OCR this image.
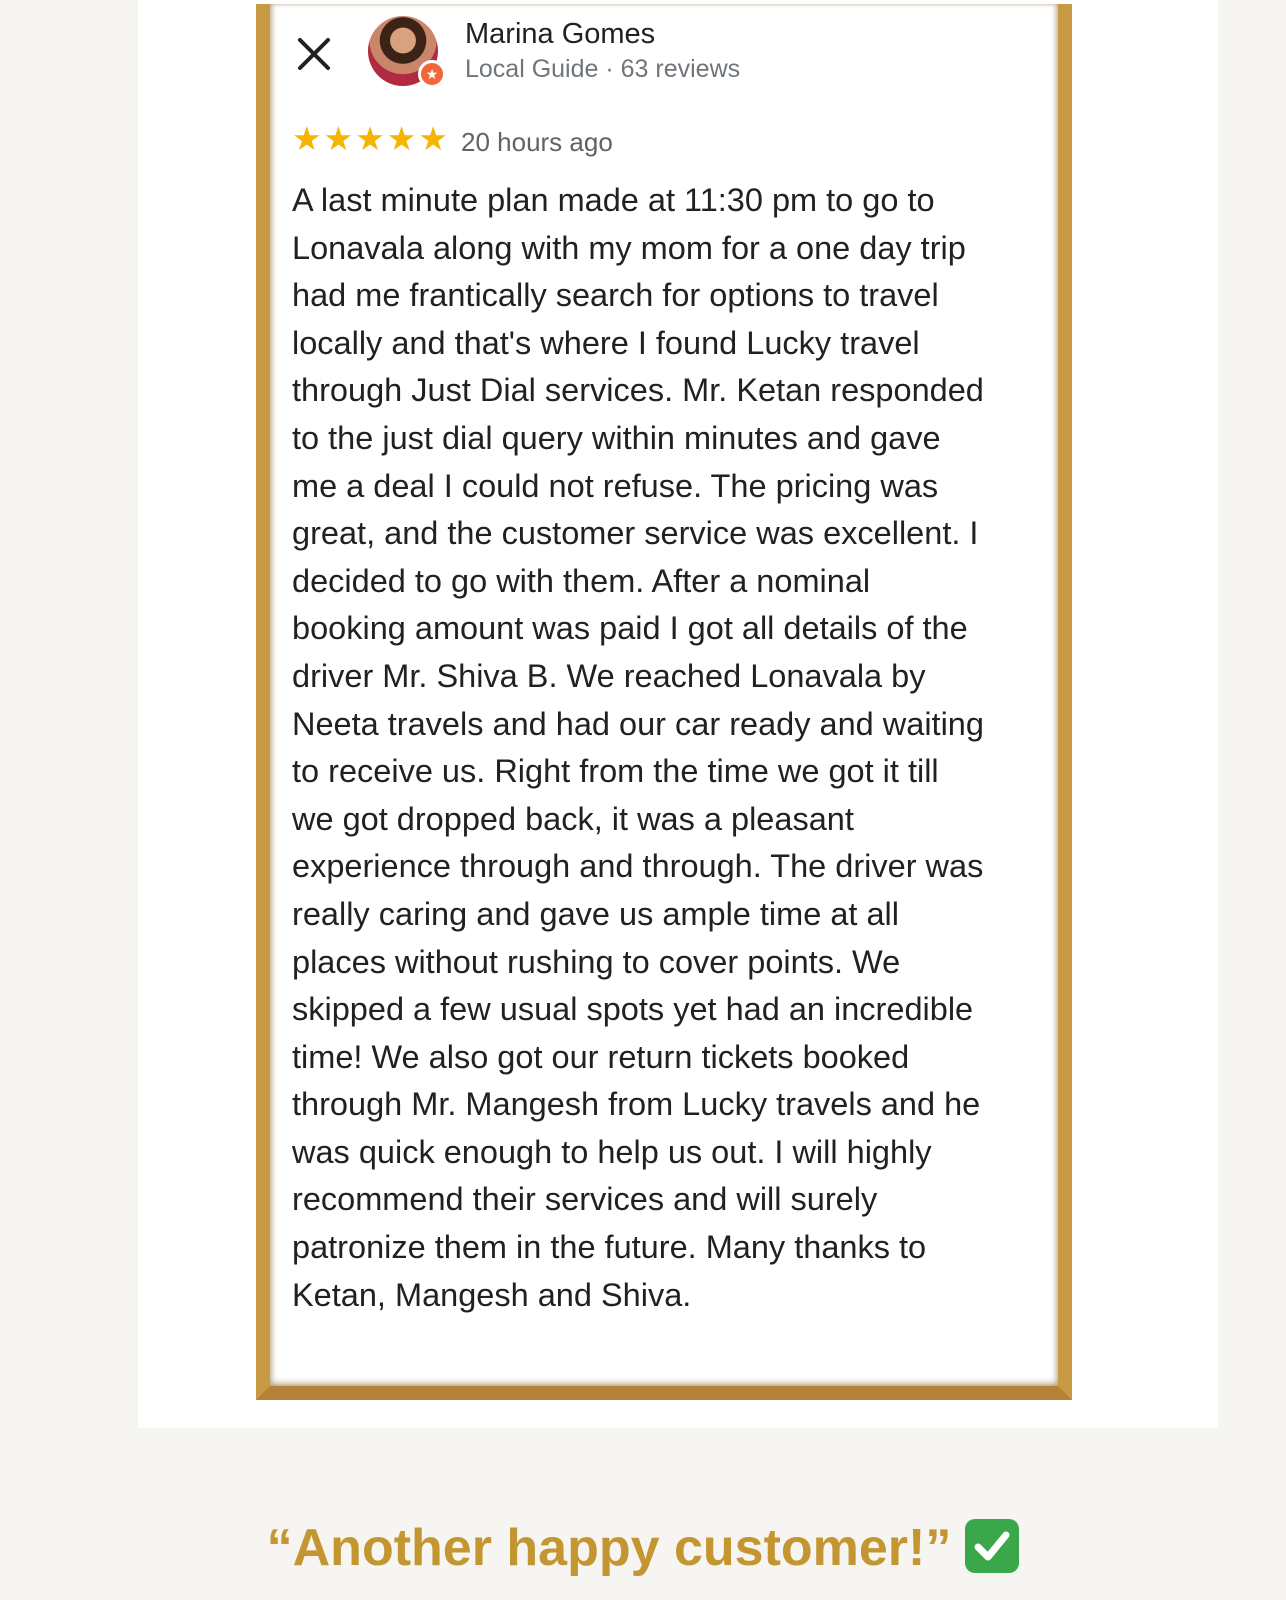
★
Marina Gomes
Local Guide · 63 reviews
★ ★ ★ ★ ★ 20 hours ago
A last minute plan made at 11:30 pm to go to
Lonavala along with my mom for a one day trip
had me frantically search for options to travel
locally and that's where I found Lucky travel
through Just Dial services. Mr. Ketan responded
to the just dial query within minutes and gave
me a deal I could not refuse. The pricing was
great, and the customer service was excellent. I
decided to go with them. After a nominal
booking amount was paid I got all details of the
driver Mr. Shiva B. We reached Lonavala by
Neeta travels and had our car ready and waiting
to receive us. Right from the time we got it till
we got dropped back, it was a pleasant
experience through and through. The driver was
really caring and gave us ample time at all
places without rushing to cover points. We
skipped a few usual spots yet had an incredible
time! We also got our return tickets booked
through Mr. Mangesh from Lucky travels and he
was quick enough to help us out. I will highly
recommend their services and will surely
patronize them in the future. Many thanks to
Ketan, Mangesh and Shiva.
“Another happy customer!”
